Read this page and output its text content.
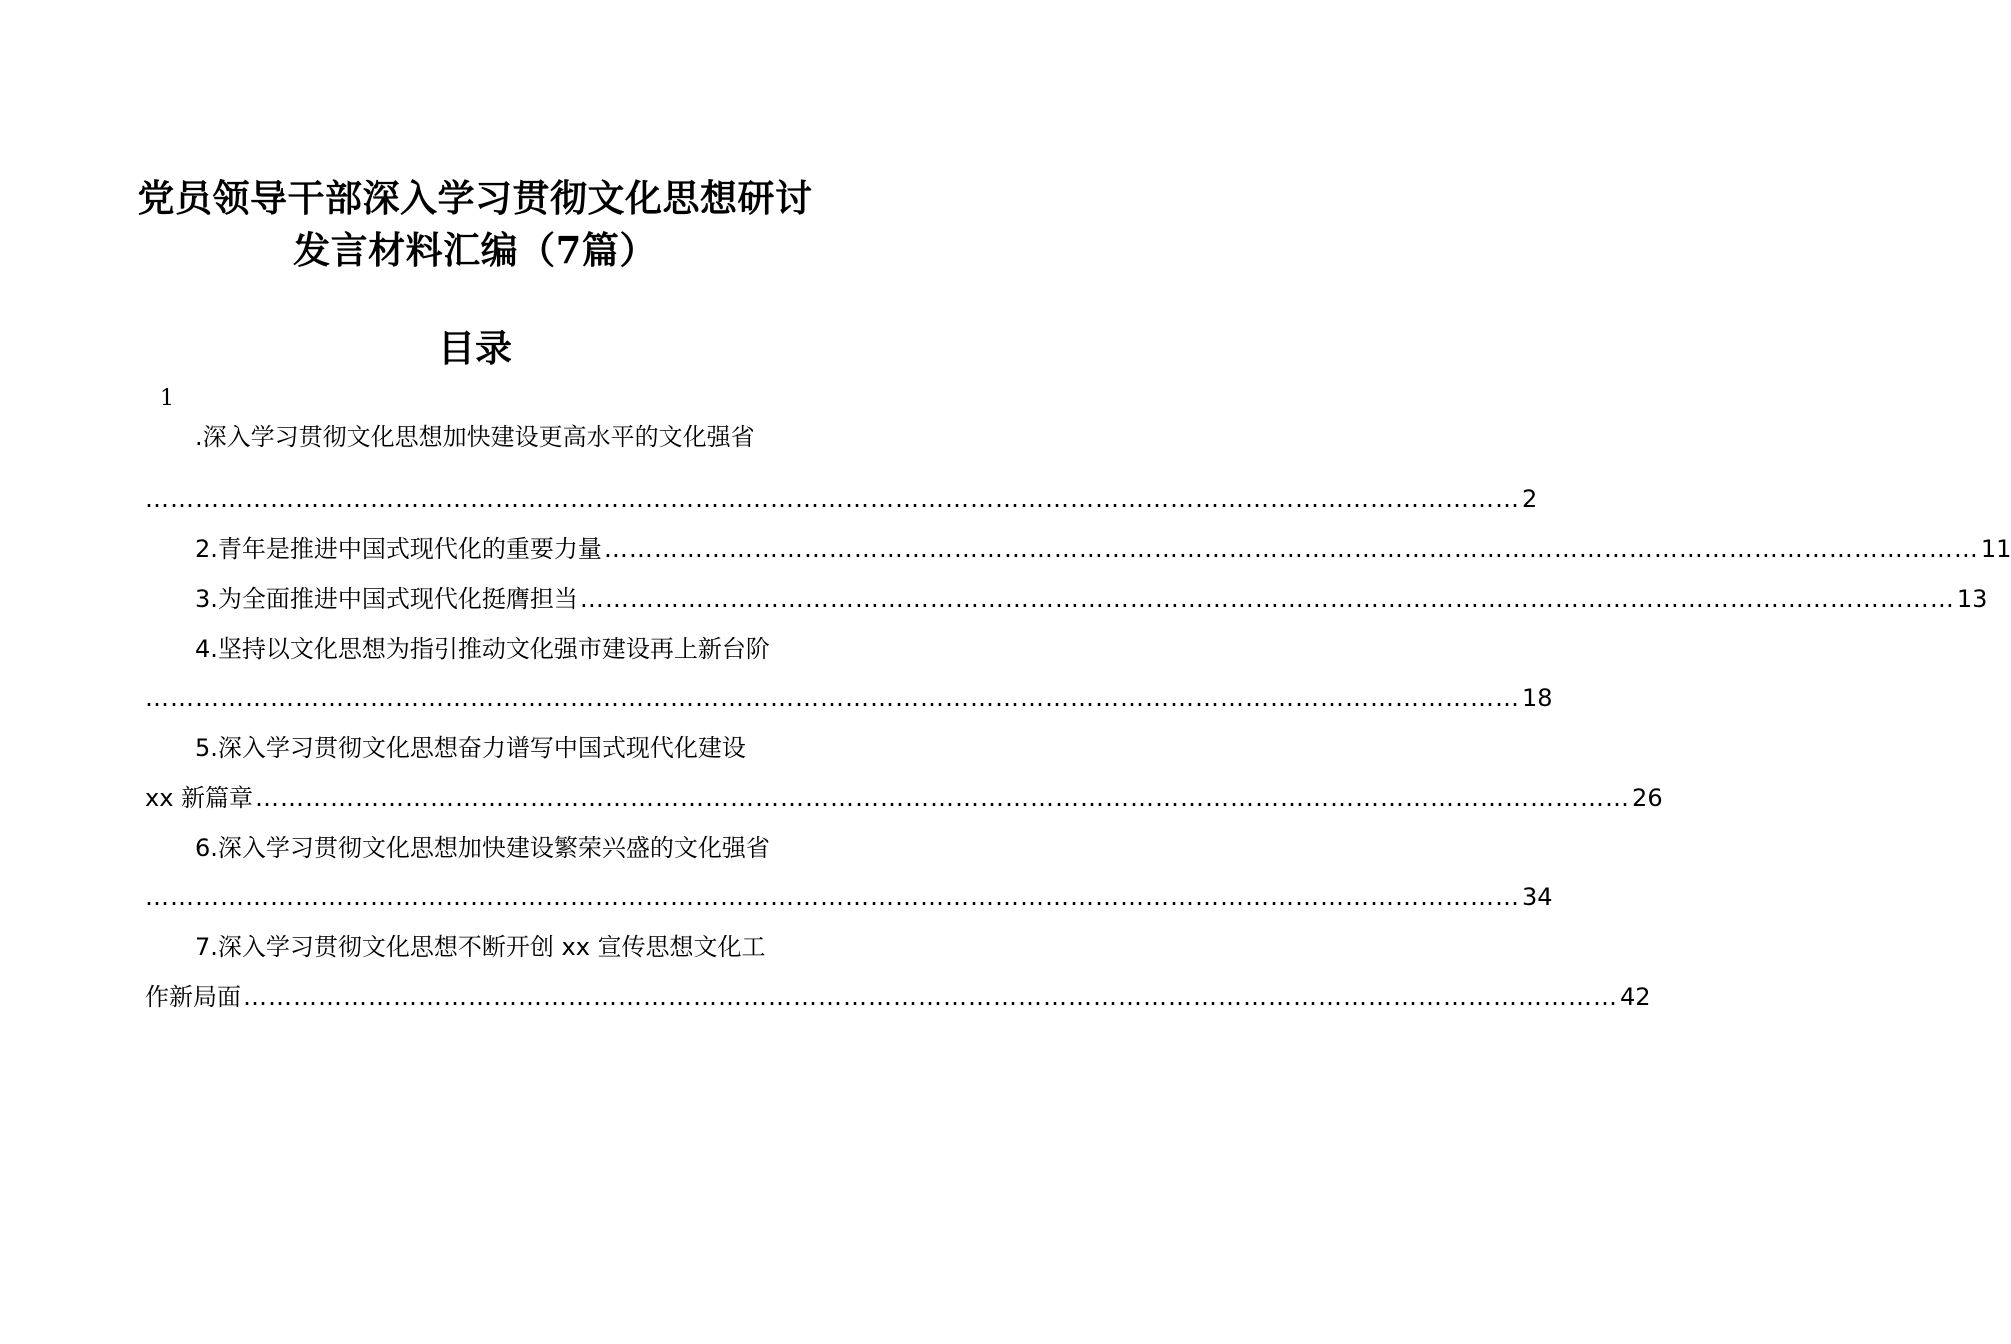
党员领导干部深入学习贯彻文化思想研讨
发言材料汇编（7篇）
目录
1
.深入学习贯彻文化思想加快建设更高水平的文化强省
………………………………………………………………………………………………………………………………………………… 2
2.青年是推进中国式现代化的重要力量 ………………………………………………………………………………………………………………………………………………… 11
3.为全面推进中国式现代化挺膺担当 ………………………………………………………………………………………………………………………………………………… 13
4.坚持以文化思想为指引推动文化强市建设再上新台阶
………………………………………………………………………………………………………………………………………………… 18
5.深入学习贯彻文化思想奋力谱写中国式现代化建设
xx 新篇章 ………………………………………………………………………………………………………………………………………………… 26
6.深入学习贯彻文化思想加快建设繁荣兴盛的文化强省
………………………………………………………………………………………………………………………………………………… 34
7.深入学习贯彻文化思想不断开创 xx 宣传思想文化工
作新局面 ………………………………………………………………………………………………………………………………………………… 42
